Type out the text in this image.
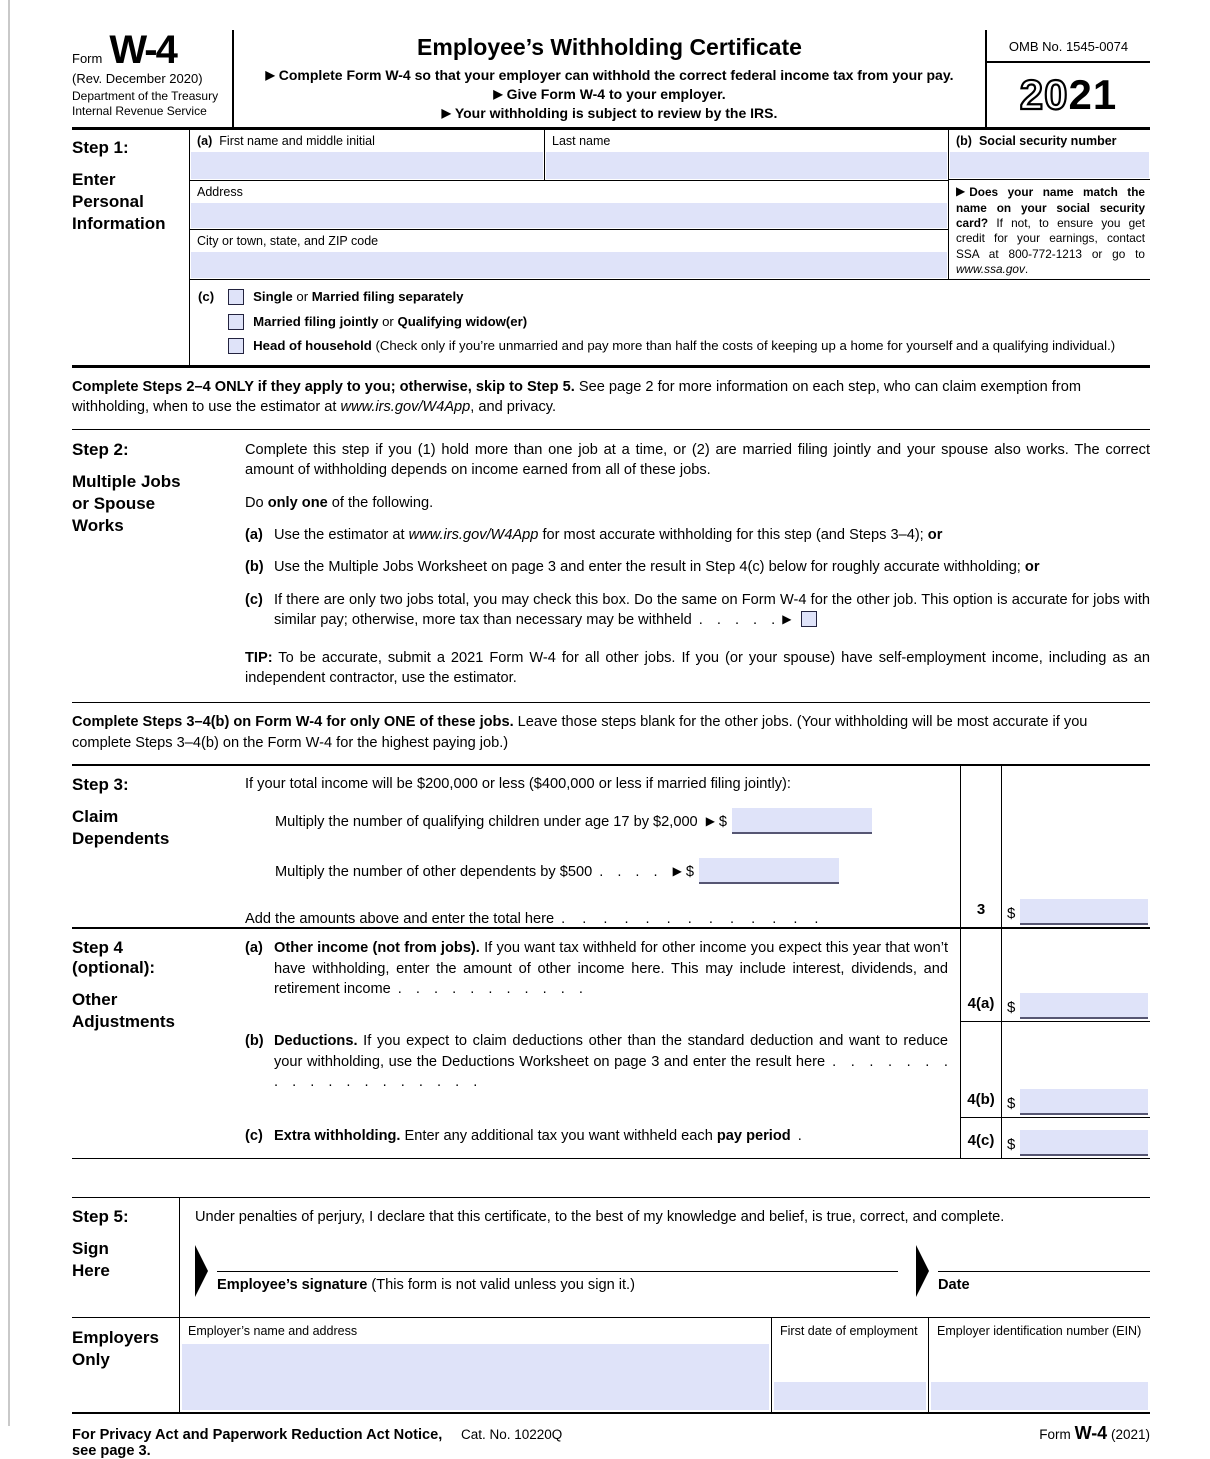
Form W-4
(Rev. December 2020)
Department of the Treasury
Internal Revenue Service
Employee’s Withholding Certificate
▶ Complete Form W-4 so that your employer can withhold the correct federal income tax from your pay.
▶ Give Form W-4 to your employer.
▶ Your withholding is subject to review by the IRS.
OMB No. 1545-0074
20 21
Step 1:
Enter Personal Information
(a) First name and middle initial	Last name
Address
City or town, state, and ZIP code
(b) Social security number
▶ Does your name match the name on your social security card? If not, to ensure you get credit for your earnings, contact SSA at 800-772-1213 or go to www.ssa.gov.
(c)	Single or Married filing separately
Married filing jointly or Qualifying widow(er)
Head of household (Check only if you’re unmarried and pay more than half the costs of keeping up a home for yourself and a qualifying individual.)
Complete Steps 2–4 ONLY if they apply to you; otherwise, skip to Step 5. See page 2 for more information on each step, who can claim exemption from withholding, when to use the estimator at www.irs.gov/W4App, and privacy.
Step 2:
Multiple Jobs or Spouse Works
Complete this step if you (1) hold more than one job at a time, or (2) are married filing jointly and your spouse also works. The correct amount of withholding depends on income earned from all of these jobs.
Do only one of the following.
(a) Use the estimator at www.irs.gov/W4App for most accurate withholding for this step (and Steps 3–4); or
(b) Use the Multiple Jobs Worksheet on page 3 and enter the result in Step 4(c) below for roughly accurate withholding; or
(c) If there are only two jobs total, you may check this box. Do the same on Form W-4 for the other job. This option is accurate for jobs with similar pay; otherwise, more tax than necessary may be withheld . . . . . ▶
TIP: To be accurate, submit a 2021 Form W-4 for all other jobs. If you (or your spouse) have self-employment income, including as an independent contractor, use the estimator.
Complete Steps 3–4(b) on Form W-4 for only ONE of these jobs. Leave those steps blank for the other jobs. (Your withholding will be most accurate if you complete Steps 3–4(b) on the Form W-4 for the highest paying job.)
Step 3:
Claim Dependents
If your total income will be $200,000 or less ($400,000 or less if married filing jointly):
Multiply the number of qualifying children under age 17 by $2,000 ▶ $
Multiply the number of other dependents by $500 . . . . ▶ $
Add the amounts above and enter the total here . . . . . . . . . . . . .
3	$
Step 4 (optional):
Other Adjustments
(a) Other income (not from jobs). If you want tax withheld for other income you expect this year that won’t have withholding, enter the amount of other income here. This may include interest, dividends, and retirement income . . . . . . . . . . .
4(a) $
(b) Deductions. If you expect to claim deductions other than the standard deduction and want to reduce your withholding, use the Deductions Worksheet on page 3 and enter the result here . . . . . . . . . . . . . . . . . . .
4(b) $
(c) Extra withholding. Enter any additional tax you want withheld each pay period .	4(c) $
Step 5:
Sign Here
Under penalties of perjury, I declare that this certificate, to the best of my knowledge and belief, is true, correct, and complete.
Employee’s signature (This form is not valid unless you sign it.)	Date
Employers Only
Employer’s name and address	First date of employment	Employer identification number (EIN)
For Privacy Act and Paperwork Reduction Act Notice, see page 3.
Cat. No. 10220Q	Form W-4 (2021)
